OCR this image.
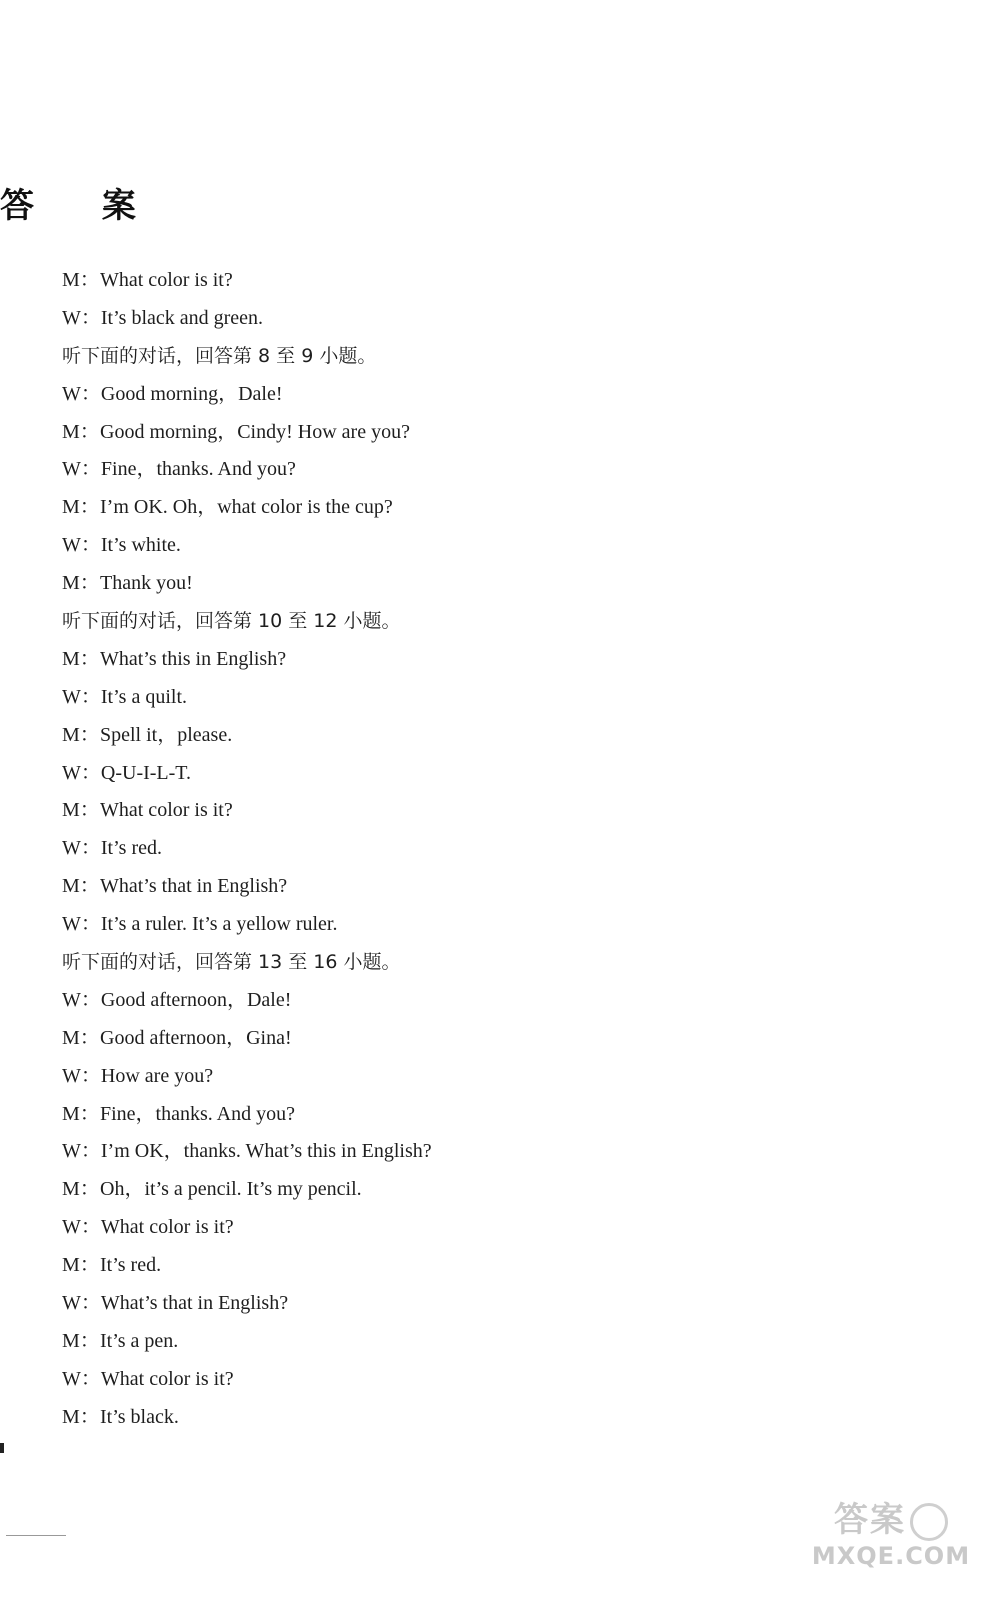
答 案
M：What color is it?
W：It’s black and green.
听下面的对话，回答第 8 至 9 小题。
W：Good morning，Dale!
M：Good morning，Cindy! How are you?
W：Fine，thanks. And you?
M：I’m OK. Oh，what color is the cup?
W：It’s white.
M：Thank you!
听下面的对话，回答第 10 至 12 小题。
M：What’s this in English?
W：It’s a quilt.
M：Spell it，please.
W：Q-U-I-L-T.
M：What color is it?
W：It’s red.
M：What’s that in English?
W：It’s a ruler. It’s a yellow ruler.
听下面的对话，回答第 13 至 16 小题。
W：Good afternoon，Dale!
M：Good afternoon，Gina!
W：How are you?
M：Fine，thanks. And you?
W：I’m OK，thanks. What’s this in English?
M：Oh，it’s a pencil. It’s my pencil.
W：What color is it?
M：It’s red.
W：What’s that in English?
M：It’s a pen.
W：What color is it?
M：It’s black.
答案
MXQE.COM
